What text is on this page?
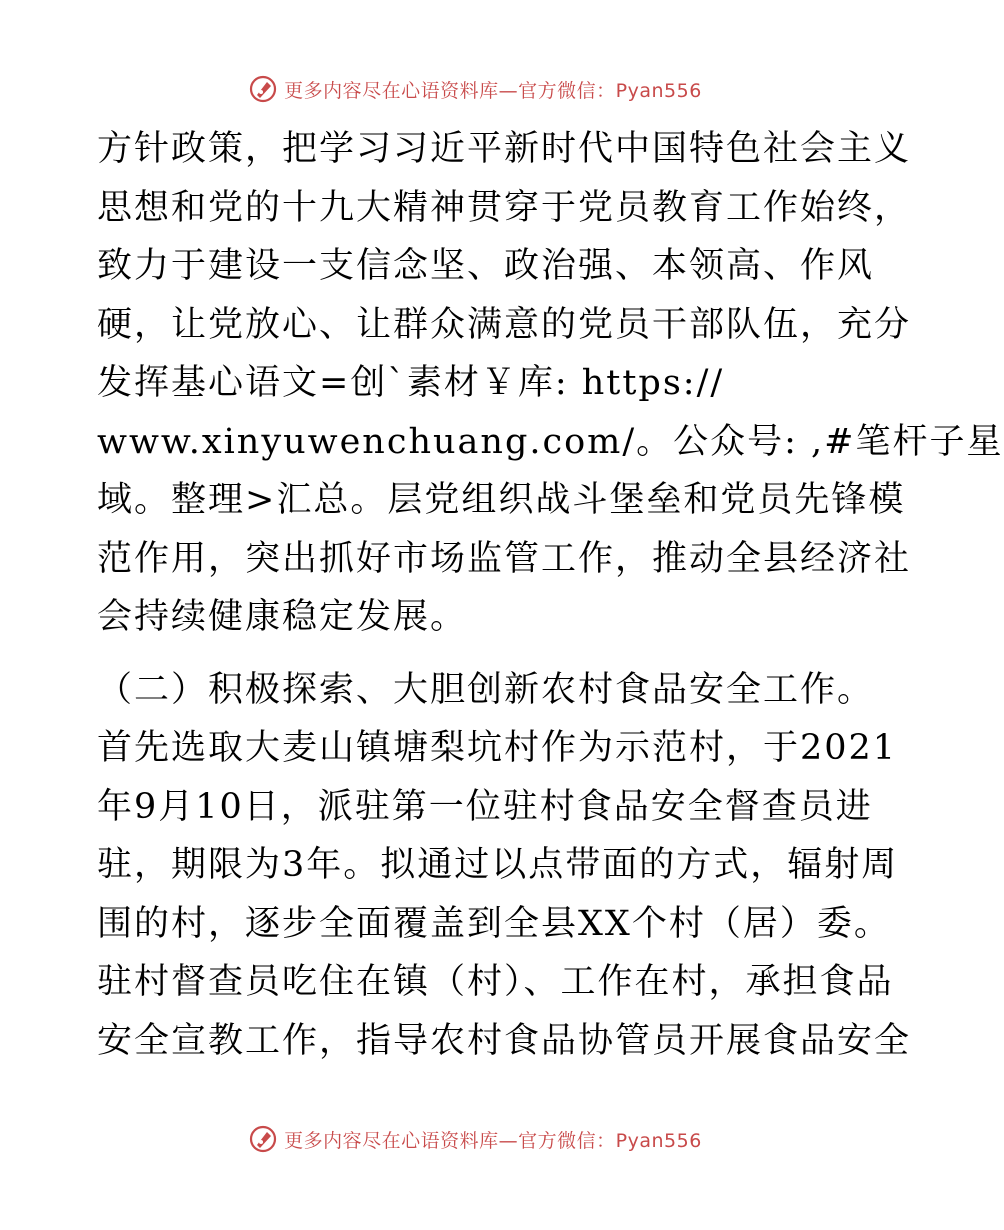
更多内容尽在心语资料库—官方微信：Pyan556
方针政策，把学习习近平新时代中国特色社会主义
思想和党的十九大精神贯穿于党员教育工作始终，
致力于建设一支信念坚、政治强、本领高、作风
硬，让党放心、让群众满意的党员干部队伍，充分
发挥基心语文=创`素材￥库: https://
www.xinyuwenchuang.com/。公众号: ,#笔杆子星
域。整理>汇总。层党组织战斗堡垒和党员先锋模
范作用，突出抓好市场监管工作，推动全县经济社
会持续健康稳定发展。
（二）积极探索、大胆创新农村食品安全工作。
首先选取大麦山镇塘梨坑村作为示范村，于2021
年9月10日，派驻第一位驻村食品安全督查员进
驻，期限为3年。拟通过以点带面的方式，辐射周
围的村，逐步全面覆盖到全县XX个村（居）委。
驻村督查员吃住在镇（村）、工作在村，承担食品
安全宣教工作，指导农村食品协管员开展食品安全
更多内容尽在心语资料库—官方微信：Pyan556
